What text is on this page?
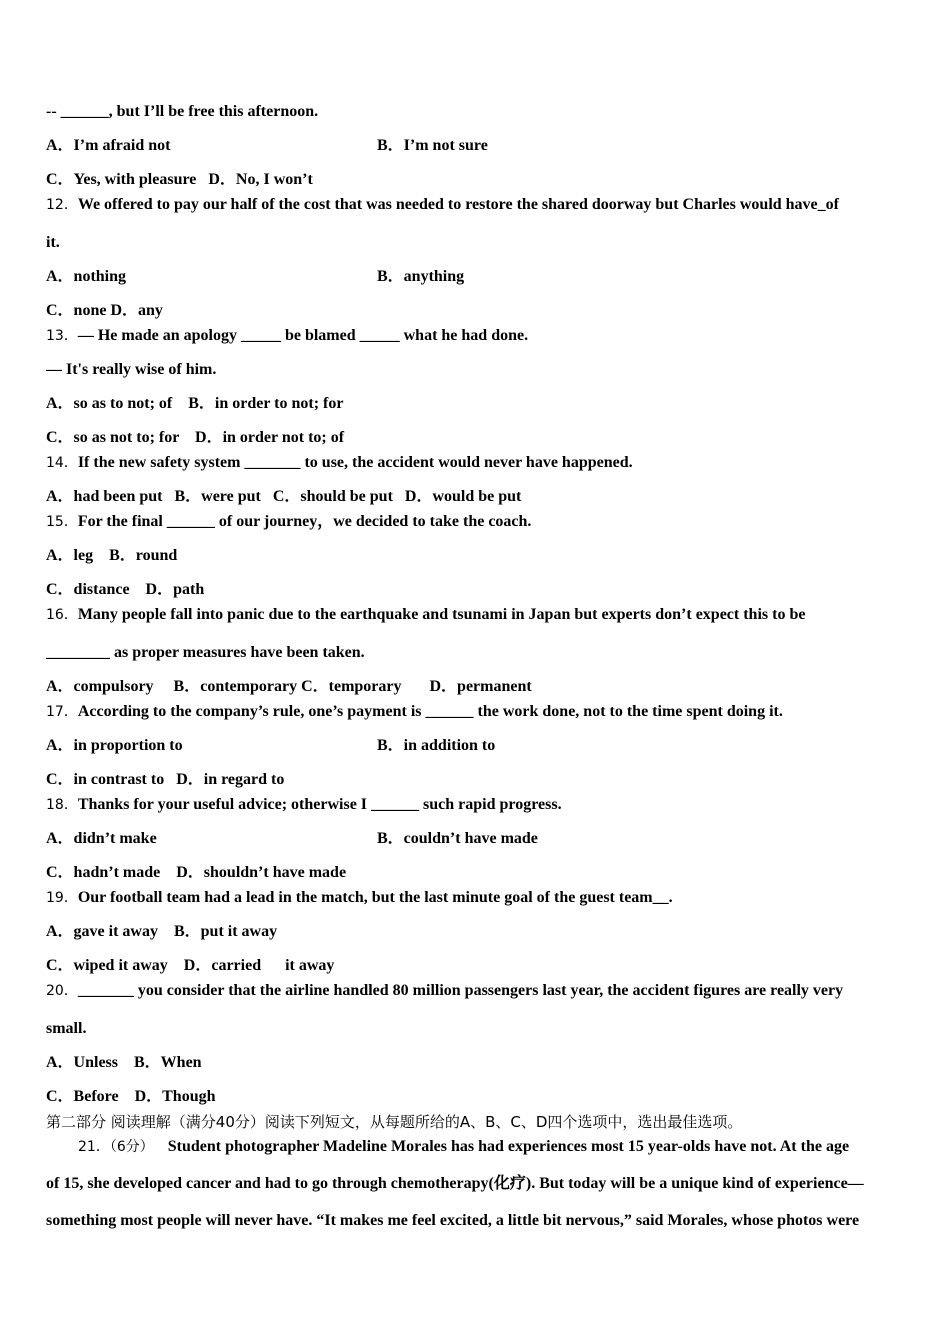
-- ______, but I’ll be free this afternoon.
A．I’m afraid not	B．I’m not sure
C．Yes, with pleasure   D．No, I won’t
12．We offered to pay our half of the cost that was needed to restore the shared doorway but Charles would have_of
it.
A．nothing	B．anything
C．none D．any
13．— He made an apology _____ be blamed _____ what he had done.
— It's really wise of him.
A．so as to not; of    B．in order to not; for
C．so as not to; for    D．in order not to; of
14．If the new safety system _______ to use, the accident would never have happened.
A．had been put   B．were put   C．should be put   D．would be put
15．For the final ______ of our journey，we decided to take the coach.
A．leg    B．round
C．distance    D．path
16．Many people fall into panic due to the earthquake and tsunami in Japan but experts don’t expect this to be
________ as proper measures have been taken.
A．compulsory     B．contemporary C．temporary       D．permanent
17．According to the company’s rule, one’s payment is ______ the work done, not to the time spent doing it.
A．in proportion to	B．in addition to
C．in contrast to   D．in regard to
18．Thanks for your useful advice; otherwise I ______ such rapid progress.
A．didn’t make	B．couldn’t have made
C．hadn’t made    D．shouldn’t have made
19．Our football team had a lead in the match, but the last minute goal of the guest team__.
A．gave it away    B．put it away
C．wiped it away    D．carried      it away
20．_______ you consider that the airline handled 80 million passengers last year, the accident figures are really very
small.
A．Unless    B．When
C．Before    D．Though
第二部分 阅读理解（满分40分）阅读下列短文，从每题所给的A、B、C、D四个选项中，选出最佳选项。
21．（6分） Student photographer Madeline Morales has had experiences most 15 year-olds have not. At the age
of 15, she developed cancer and had to go through chemotherapy(化疗). But today will be a unique kind of experience—
something most people will never have. “It makes me feel excited, a little bit nervous,” said Morales, whose photos were
